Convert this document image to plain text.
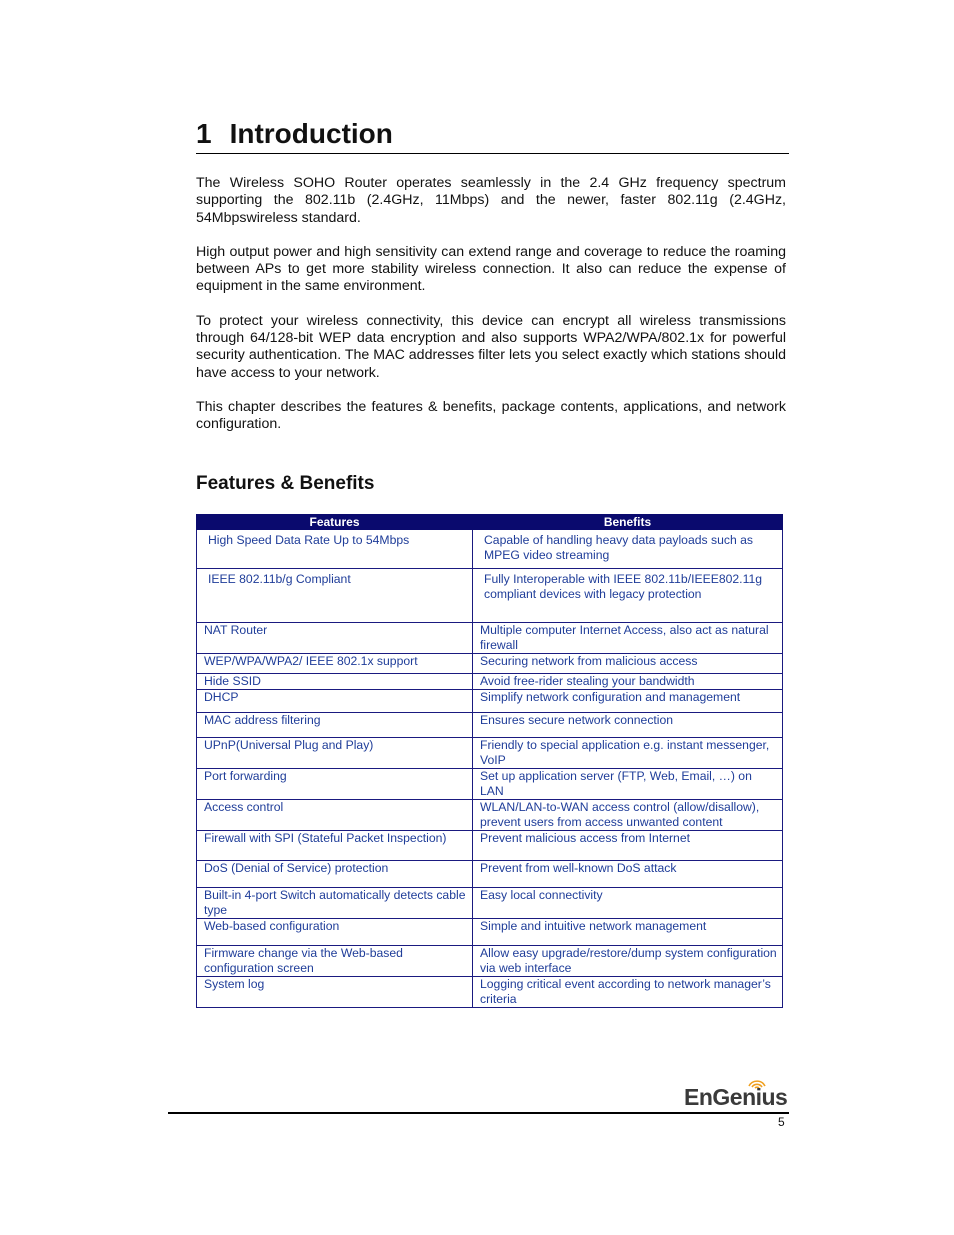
1 Introduction

The Wireless SOHO Router operates seamlessly in the 2.4 GHz frequency spectrum supporting the 802.11b (2.4GHz, 11Mbps) and the newer, faster 802.11g (2.4GHz, 54Mbpswireless standard.

High output power and high sensitivity can extend range and coverage to reduce the roaming between APs to get more stability wireless connection. It also can reduce the expense of equipment in the same environment.

To protect your wireless connectivity, this device can encrypt all wireless transmissions through 64/128-bit WEP data encryption and also supports WPA2/WPA/802.1x for powerful security authentication. The MAC addresses filter lets you select exactly which stations should have access to your network.

This chapter describes the features & benefits, package contents, applications, and network configuration.

Features & Benefits
Features	Benefits
High Speed Data Rate Up to 54Mbps	Capable of handling heavy data payloads such as MPEG video streaming
IEEE 802.11b/g Compliant	Fully Interoperable with IEEE 802.11b/IEEE802.11g compliant devices with legacy protection
NAT Router	Multiple computer Internet Access, also act as natural firewall
WEP/WPA/WPA2/ IEEE 802.1x support	Securing network from malicious access
Hide SSID	Avoid free-rider stealing your bandwidth
DHCP	Simplify network configuration and management
MAC address filtering	Ensures secure network connection
UPnP(Universal Plug and Play)	Friendly to special application e.g. instant messenger, VoIP
Port forwarding	Set up application server (FTP, Web, Email, …) on LAN
Access control	WLAN/LAN-to-WAN access control (allow/disallow), prevent users from access unwanted content
Firewall with SPI (Stateful Packet Inspection)	Prevent malicious access from Internet
DoS (Denial of Service) protection	Prevent from well-known DoS attack
Built-in 4-port Switch automatically detects cable type	Easy local connectivity
Web-based configuration	Simple and intuitive network management
Firmware change via the Web-based configuration screen	Allow easy upgrade/restore/dump system configuration via web interface
System log	Logging critical event according to network manager’s criteria
EnGenius
5
